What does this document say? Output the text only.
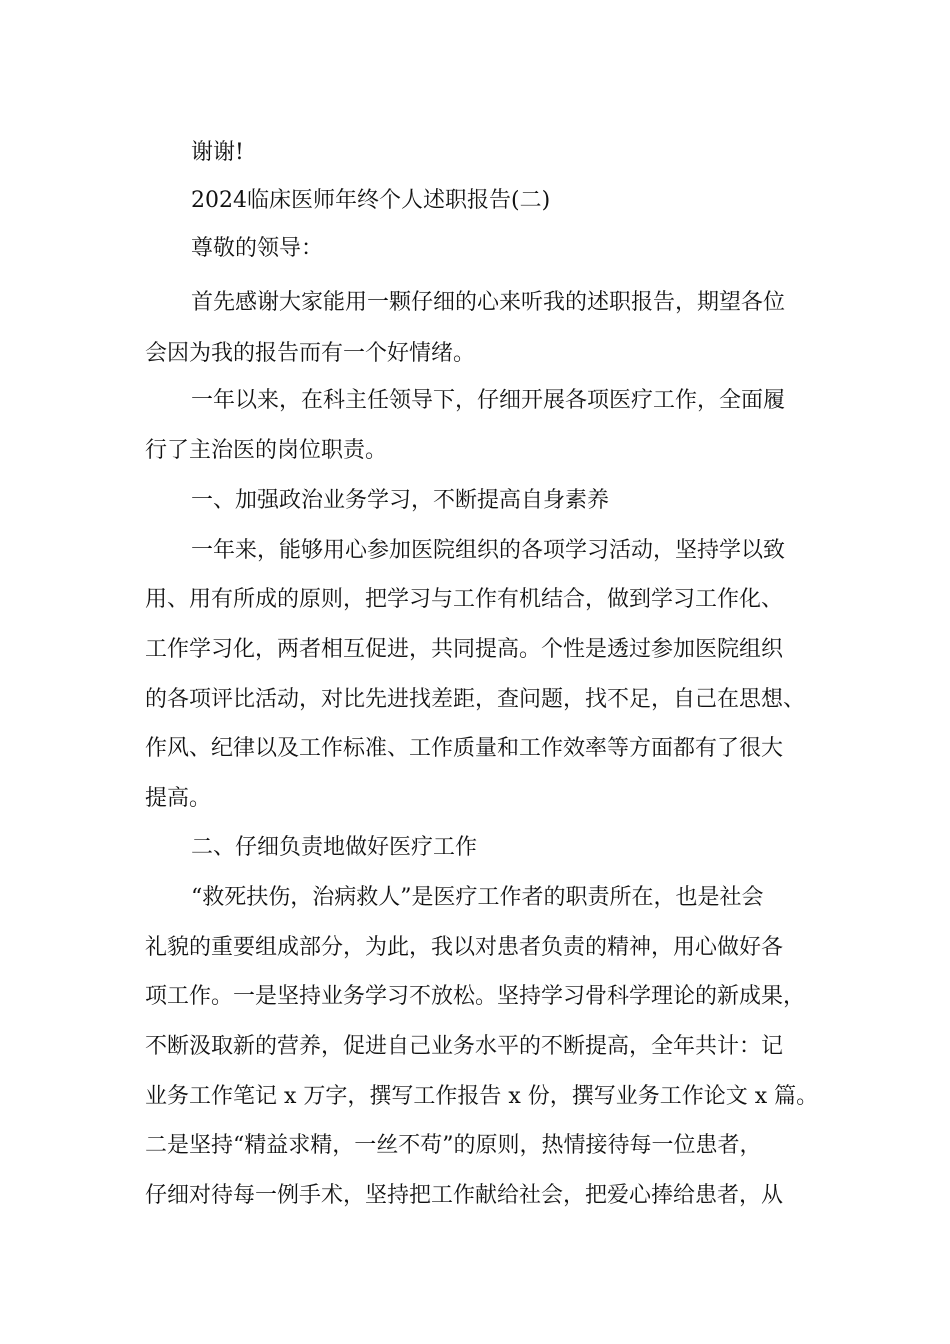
谢谢!
2024临床医师年终个人述职报告(二)
尊敬的领导：
首先感谢大家能用一颗仔细的心来听我的述职报告，期望各位
会因为我的报告而有一个好情绪。
一年以来，在科主任领导下，仔细开展各项医疗工作，全面履
行了主治医的岗位职责。
一、加强政治业务学习，不断提高自身素养
一年来，能够用心参加医院组织的各项学习活动，坚持学以致
用、用有所成的原则，把学习与工作有机结合，做到学习工作化、
工作学习化，两者相互促进，共同提高。个性是透过参加医院组织
的各项评比活动，对比先进找差距，查问题，找不足，自己在思想、
作风、纪律以及工作标准、工作质量和工作效率等方面都有了很大
提高。
二、仔细负责地做好医疗工作
“救死扶伤，治病救人”是医疗工作者的职责所在，也是社会
礼貌的重要组成部分，为此，我以对患者负责的精神，用心做好各
项工作。一是坚持业务学习不放松。坚持学习骨科学理论的新成果，
不断汲取新的营养，促进自己业务水平的不断提高，全年共计：记
业务工作笔记 x 万字，撰写工作报告 x 份，撰写业务工作论文 x 篇。
二是坚持“精益求精，一丝不苟”的原则，热情接待每一位患者，
仔细对待每一例手术，坚持把工作献给社会，把爱心捧给患者，从
